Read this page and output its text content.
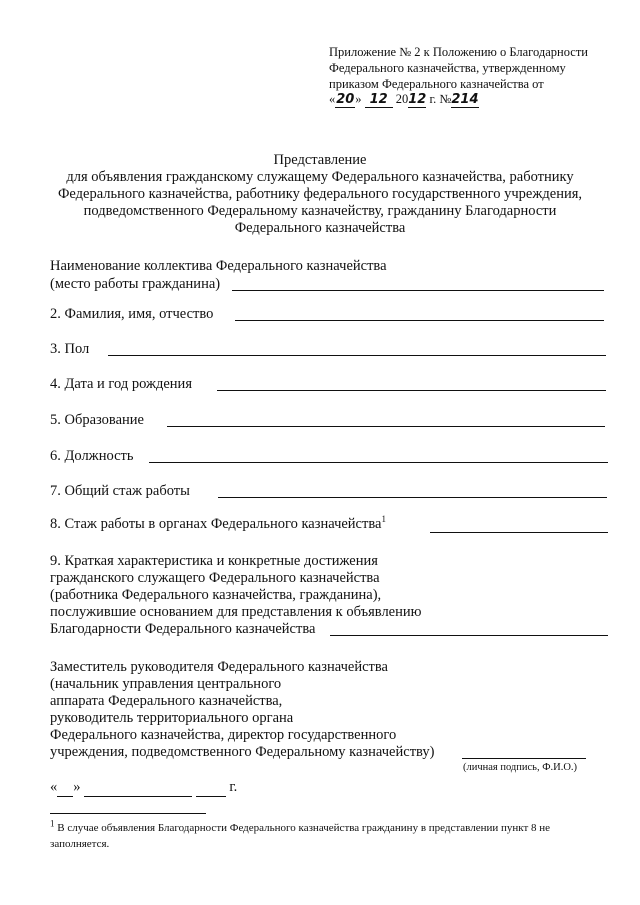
Приложение № 2 к Положению о Благодарности
Федерального казначейства, утвержденному
приказом Федерального казначейства от
«20» 12 2012 г. №214
Представление
для объявления гражданскому служащему Федерального казначейства, работнику
Федерального казначейства, работнику федерального государственного учреждения,
подведомственного Федеральному казначейству, гражданину Благодарности
Федерального казначейства
Наименование коллектива Федерального казначейства
(место работы гражданина)
2. Фамилия, имя, отчество
3. Пол
4. Дата и год рождения
5. Образование
6. Должность
7. Общий стаж работы
8. Стаж работы в органах Федерального казначейства$^1$
9. Краткая характеристика и конкретные достижения
гражданского служащего Федерального казначейства
(работника Федерального казначейства, гражданина),
послужившие основанием для представления к объявлению
Благодарности Федерального казначейства
Заместитель руководителя Федерального казначейства
(начальник управления центрального
аппарата Федерального казначейства,
руководитель территориального органа
Федерального казначейства, директор государственного
учреждения, подведомственного Федеральному казначейству)
(личная подпись, Ф.И.О.)
« »	г.
$^1$ В случае объявления Благодарности Федерального казначейства гражданину в представлении пункт 8 не
заполняется.
